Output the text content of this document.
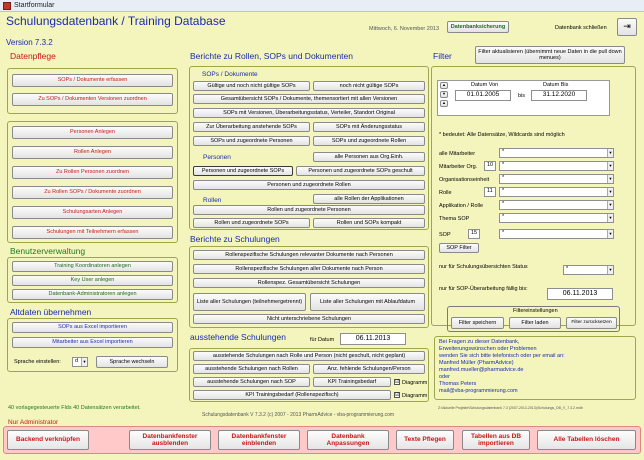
Startformular
Schulungsdatenbank / Training Database
Version 7.3.2
Mittwoch, 6. November 2013	Datenbanksicherung	Datenbank schließen	⇥
Datenpflege
SOPs / Dokumente erfassen
Zu SOPs / Dokumenten Versionen zuordnen
Personen Anlegen
Rollen Anlegen
Zu Rollen Personen zuordnen
Zu Rollen SOPs / Dokumente zuordnen
Schulungsarten Anlegen
Schulungen mit Teilnehmern erfassen
Benutzerverwaltung
Training Koordinatoren anlegen
Key User anlegen
Datenbank-Administratoren anlegen
Altdaten übernehmen
SOPs aus Excel importieren
Mitarbeiter aus Excel importieren
Sprache einstellen:	d	▼	Sprache wechseln
Berichte zu Rollen, SOPs und Dokumenten
SOPs / Dokumente
Gültige und noch nicht gültige SOPs	noch nicht gültige SOPs
Gesamtübersicht SOPs / Dokumente, themensortiert mit allen Versionen
SOPs mit Versionen, Überarbeitungsstatus, Verteiler, Standort Original
Zur Überarbeitung anstehende SOPs	SOPs mit Änderungsstatus
SOPs und zugeordnete Personen	SOPs und zugeordnete Rollen
Personen	alle Personen aus Org.Einh.
Personen und zugeordnete SOPs	Personen und zugeordnete SOPs geschult
Personen und zugeordnete Rollen
Rollen	alle Rollen der Applikationen
Rollen und zugeordnete Personen
Rollen und zugeordnete SOPs	Rollen und SOPs kompakt
Berichte zu Schulungen
Rollenspezifische Schulungen relevanter Dokumente nach Personen
Rollenspezifische Schulungen aller Dokumente nach Person
Rollenspez. Gesamtübersicht Schulungen
Liste aller Schulungen (teilnehmergetrennt)	Liste aller Schulungen mit Ablaufdatum
Nicht unterschriebene Schulungen
ausstehende Schulungen	für Datum	06.11.2013
ausstehende Schulungen nach Rolle und Person (nicht geschult, nicht geplant)
ausstehende Schulungen nach Rollen	Anz. fehlende Schulungen/Person
ausstehende Schulungen nach SOP	KPI Trainingsbedarf	☑ Diagramm
KPI Trainingsbedarf (Rollenspezifisch)	☑ Diagramm
Filter	Filter aktualisieren (übernimmt neue Daten in die pull down menues)
▲
▼
▲
Datum Von	Datum Bis
01.01.2005	bis	31.12.2020
* bedeutet: Alle Datensätze, Wildcards sind möglich
alle Mitarbeiter	*	▼
Mitarbeiter Org.	10	*	▼
Organisationseinheit	*	▼
Rolle	11	*	▼
Applikation / Rolle	*	▼
Thema SOP	*	▼
SOP	15	*	▼
SOP Filter
nur für Schulungsübersichten Status	*	▼
nur für SOP-Überarbeitung fällig bis:
06.11.2013
Filtereinstellungen
Filter speichern	Filter laden	Filter zurücksetzen
Bei Fragen zu dieser Datenbank,
Erweiterungswünschen oder Problemen
wenden Sie sich bitte telefonisch oder per email an:
Manfred Müller (PharmAdvice)
manfred.mueller@pharmadvice.de
oder
Thomas Peters
mail@vba-programmierung.com
40 vorlagegesteuerte Flds 40 Datensätzen verarbeitet.
Schulungsdatenbank V 7.3.2 (c) 2007 - 2013 PharmAdvice - vba-programmierung.com
Z:\Aktuelle Projekte\Schulungsdatenbank 7.3 (2007-2013-2013)\Schulungs_DB_V_7.3.2.mdb
Nur Administrator
Backend verknüpfen
Datenbankfenster ausblenden
Datenbankfenster einblenden
Datenbank Anpassungen
Texte Pflegen
Tabellen aus DB importieren
Alle Tabellen löschen
